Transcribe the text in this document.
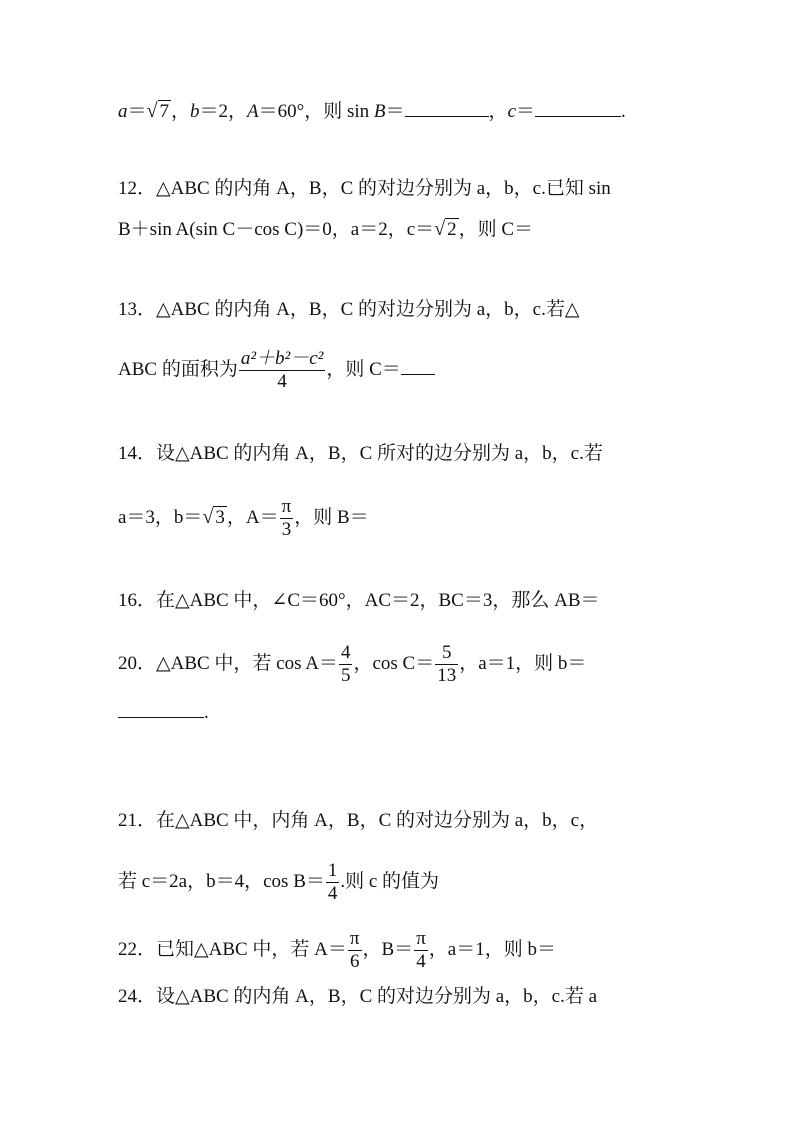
a＝√ 7 ，b＝2，A＝60°，则 sin B＝	，c＝	.
12．△ABC 的内角 A，B，C 的对边分别为 a，b，c.已知 sin
B＋sin A(sin C－cos C)＝0，a＝2，c＝√ 2 ，则 C＝
13．△ABC 的内角 A，B，C 的对边分别为 a，b，c.若△
ABC 的面积为 $\frac{\text{a²＋b²－c²}}{4}$ ，则 C＝
14．设△ABC 的内角 A，B，C 所对的边分别为 a，b，c.若
a＝3，b＝√ 3 ，$A= \frac{\pi}{3}$ ，则 B＝
16．在△ABC 中，∠C＝60°，AC＝2，BC＝3，那么 AB＝
20．△ABC 中，若 $\cos A= \frac{4}{5}$ ，$\cos C= \frac{5}{13}$ ，a＝1，则 b＝
.
21．在△ABC 中，内角 A，B，C 的对边分别为 a，b，c，
若 c＝2a，b＝4，$\cos B= \frac{1}{4}$ .则 c 的值为
22．已知△ABC 中，若 $A= \frac{\pi}{6}$ ，$B= \frac{\pi}{4}$ ，a＝1，则 b＝
24．设△ABC 的内角 A，B，C 的对边分别为 a，b，c.若 a
